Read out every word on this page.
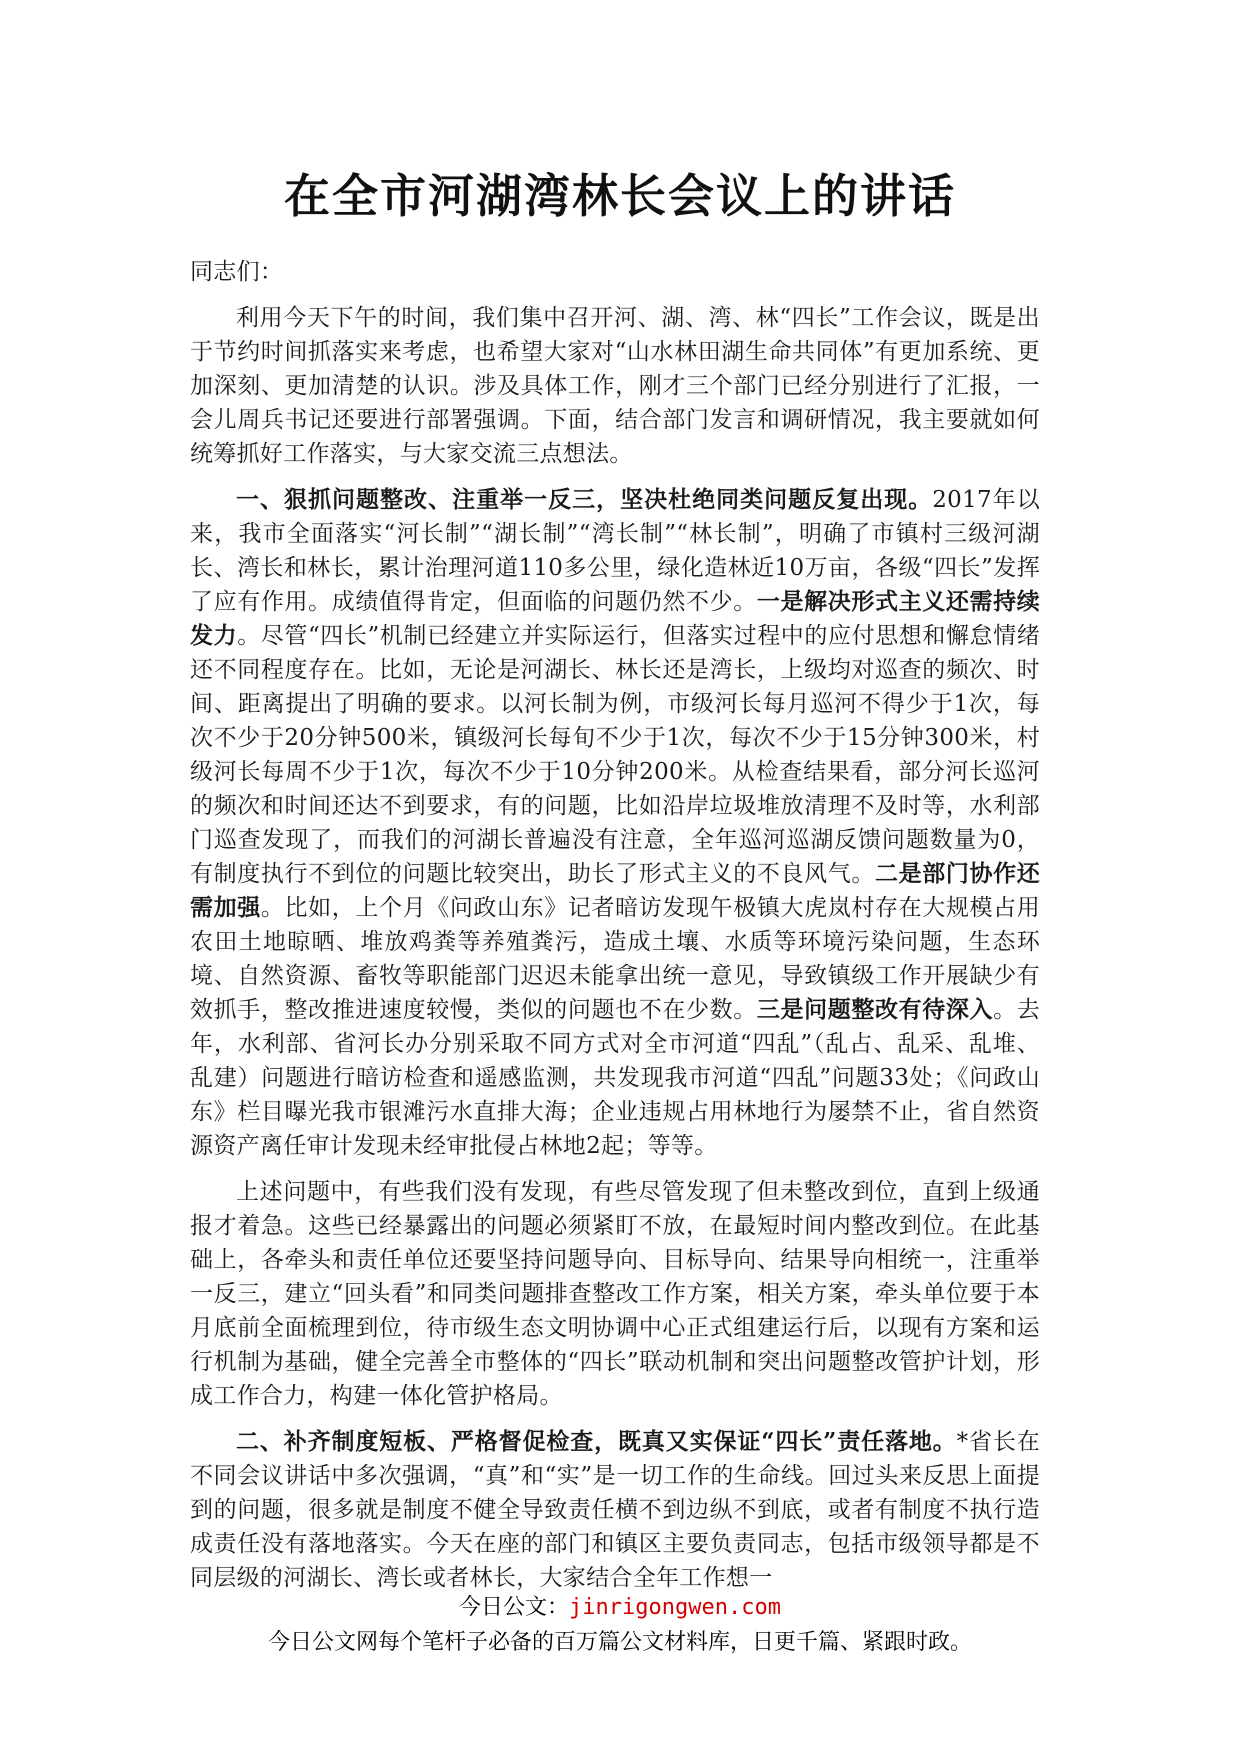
在全市河湖湾林长会议上的讲话

同志们：

利用今天下午的时间，我们集中召开河、湖、湾、林“四长”工作会议，既是出于节约时间抓落实来考虑，也希望大家对“山水林田湖生命共同体”有更加系统、更加深刻、更加清楚的认识。涉及具体工作，刚才三个部门已经分别进行了汇报，一会儿周兵书记还要进行部署强调。下面，结合部门发言和调研情况，我主要就如何统筹抓好工作落实，与大家交流三点想法。

一、狠抓问题整改、注重举一反三，坚决杜绝同类问题反复出现。2017年以来，我市全面落实“河长制”“湖长制”“湾长制”“林长制”，明确了市镇村三级河湖长、湾长和林长，累计治理河道110多公里，绿化造林近10万亩，各级“四长”发挥了应有作用。成绩值得肯定，但面临的问题仍然不少。一是解决形式主义还需持续发力。尽管“四长”机制已经建立并实际运行，但落实过程中的应付思想和懈怠情绪还不同程度存在。比如，无论是河湖长、林长还是湾长，上级均对巡查的频次、时间、距离提出了明确的要求。以河长制为例，市级河长每月巡河不得少于1次，每次不少于20分钟500米，镇级河长每旬不少于1次，每次不少于15分钟300米，村级河长每周不少于1次，每次不少于10分钟200米。从检查结果看，部分河长巡河的频次和时间还达不到要求，有的问题，比如沿岸垃圾堆放清理不及时等，水利部门巡查发现了，而我们的河湖长普遍没有注意，全年巡河巡湖反馈问题数量为0，有制度执行不到位的问题比较突出，助长了形式主义的不良风气。二是部门协作还需加强。比如，上个月《问政山东》记者暗访发现午极镇大虎岚村存在大规模占用农田土地晾晒、堆放鸡粪等养殖粪污，造成土壤、水质等环境污染问题，生态环境、自然资源、畜牧等职能部门迟迟未能拿出统一意见，导致镇级工作开展缺少有效抓手，整改推进速度较慢，类似的问题也不在少数。三是问题整改有待深入。去年，水利部、省河长办分别采取不同方式对全市河道“四乱”（乱占、乱采、乱堆、乱建）问题进行暗访检查和遥感监测，共发现我市河道“四乱”问题33处；《问政山东》栏目曝光我市银滩污水直排大海；企业违规占用林地行为屡禁不止，省自然资源资产离任审计发现未经审批侵占林地2起；等等。

上述问题中，有些我们没有发现，有些尽管发现了但未整改到位，直到上级通报才着急。这些已经暴露出的问题必须紧盯不放，在最短时间内整改到位。在此基础上，各牵头和责任单位还要坚持问题导向、目标导向、结果导向相统一，注重举一反三，建立“回头看”和同类问题排查整改工作方案，相关方案，牵头单位要于本月底前全面梳理到位，待市级生态文明协调中心正式组建运行后，以现有方案和运行机制为基础，健全完善全市整体的“四长”联动机制和突出问题整改管护计划，形成工作合力，构建一体化管护格局。

二、补齐制度短板、严格督促检查，既真又实保证“四长”责任落地。*省长在不同会议讲话中多次强调，“真”和“实”是一切工作的生命线。回过头来反思上面提到的问题，很多就是制度不健全导致责任横不到边纵不到底，或者有制度不执行造成责任没有落地落实。今天在座的部门和镇区主要负责同志，包括市级领导都是不同层级的河湖长、湾长或者林长，大家结合全年工作想一

今日公文：jinrigongwen.com
今日公文网每个笔杆子必备的百万篇公文材料库，日更千篇、紧跟时政。
